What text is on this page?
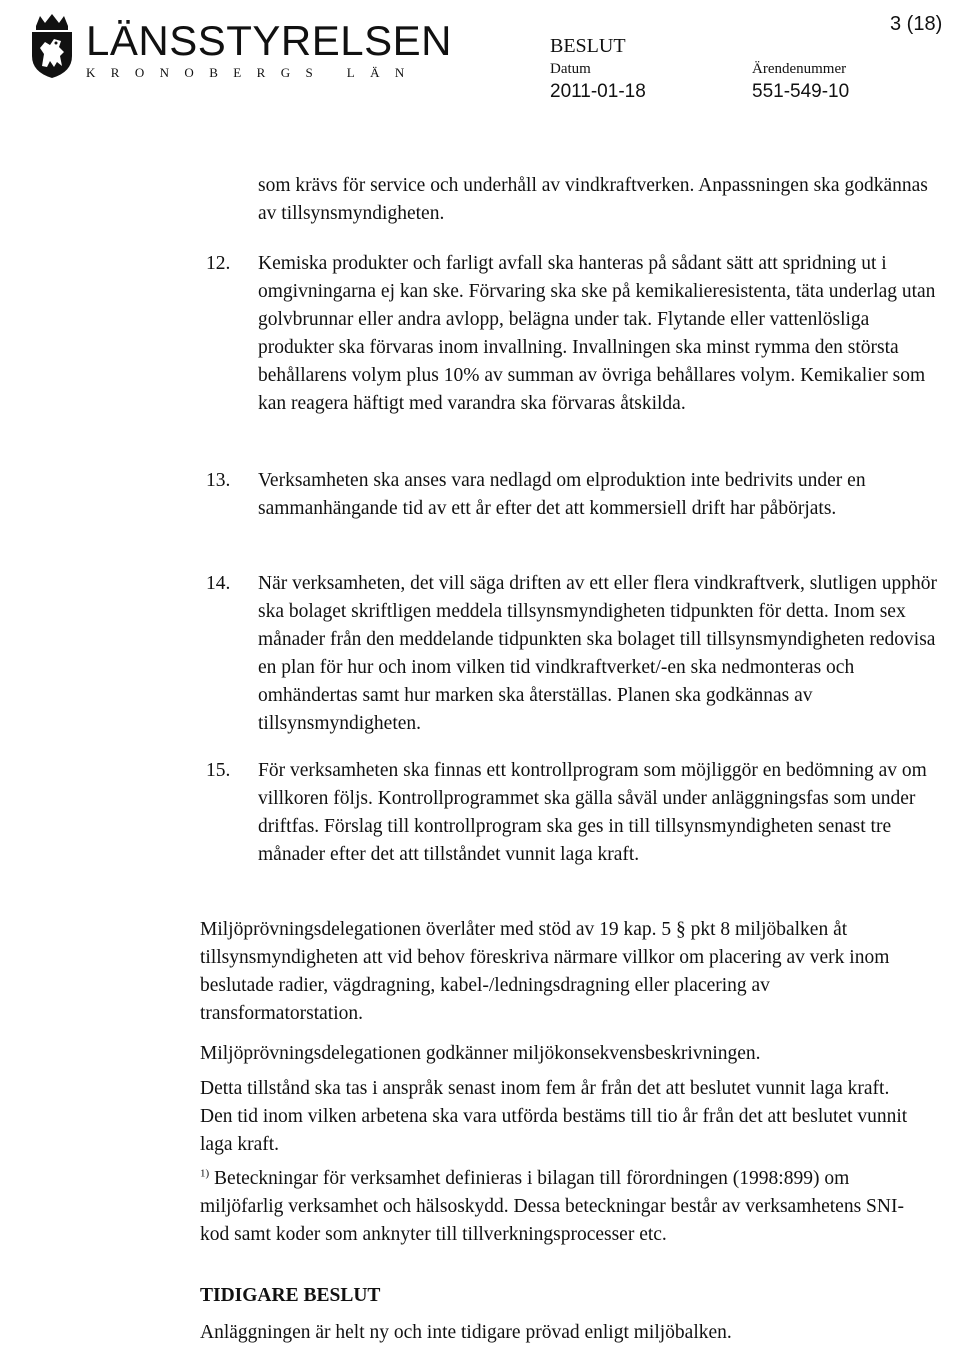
LÄNSSTYRELSEN
KRONOBERGS LÄN
BESLUT
Datum
2011-01-18
Ärendenummer
551-549-10
3 (18)

som krävs för service och underhåll av vindkraftverken. Anpassningen ska godkännas av tillsynsmyndigheten.

12. Kemiska produkter och farligt avfall ska hanteras på sådant sätt att spridning ut i omgivningarna ej kan ske. Förvaring ska ske på kemikalieresistenta, täta underlag utan golvbrunnar eller andra avlopp, belägna under tak. Flytande eller vattenlösliga produkter ska förvaras inom invallning. Invallningen ska minst rymma den största behållarens volym plus 10% av summan av övriga behållares volym. Kemikalier som kan reagera häftigt med varandra ska förvaras åtskilda.

13. Verksamheten ska anses vara nedlagd om elproduktion inte bedrivits under en sammanhängande tid av ett år efter det att kommersiell drift har påbörjats.

14. När verksamheten, det vill säga driften av ett eller flera vindkraftverk, slutligen upphör ska bolaget skriftligen meddela tillsynsmyndigheten tidpunkten för detta. Inom sex månader från den meddelande tidpunkten ska bolaget till tillsynsmyndigheten redovisa en plan för hur och inom vilken tid vindkraftverket/-en ska nedmonteras och omhändertas samt hur marken ska återställas. Planen ska godkännas av tillsynsmyndigheten.

15. För verksamheten ska finnas ett kontrollprogram som möjliggör en bedömning av om villkoren följs. Kontrollprogrammet ska gälla såväl under anläggningsfas som under driftfas. Förslag till kontrollprogram ska ges in till tillsynsmyndigheten senast tre månader efter det att tillståndet vunnit laga kraft.

Miljöprövningsdelegationen överlåter med stöd av 19 kap. 5 § pkt 8 miljöbalken åt tillsynsmyndigheten att vid behov föreskriva närmare villkor om placering av verk inom beslutade radier, vägdragning, kabel-/ledningsdragning eller placering av transformatorstation.

Miljöprövningsdelegationen godkänner miljökonsekvensbeskrivningen.

Detta tillstånd ska tas i anspråk senast inom fem år från det att beslutet vunnit laga kraft. Den tid inom vilken arbetena ska vara utförda bestäms till tio år från det att beslutet vunnit laga kraft.

$^{1)}$ Beteckningar för verksamhet definieras i bilagan till förordningen (1998:899) om miljöfarlig verksamhet och hälsoskydd. Dessa beteckningar består av verksamhetens SNI-kod samt koder som anknyter till tillverkningsprocesser etc.

TIDIGARE BESLUT

Anläggningen är helt ny och inte tidigare prövad enligt miljöbalken.
